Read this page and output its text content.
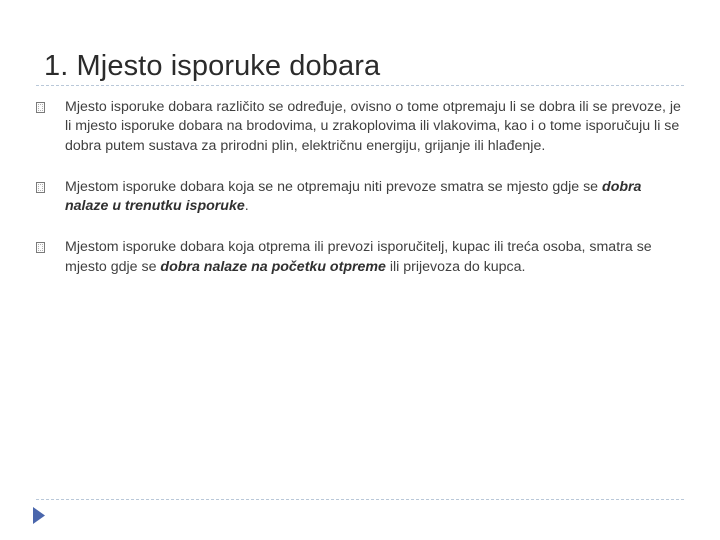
1. Mjesto isporuke dobara
Mjesto isporuke dobara različito se određuje, ovisno o tome otpremaju li se dobra ili se prevoze, je li mjesto isporuke dobara na brodovima, u zrakoplovima ili vlakovima, kao i o tome isporučuju li se dobra putem sustava za prirodni plin, električnu energiju, grijanje ili hlađenje.
Mjestom isporuke dobara koja se ne otpremaju niti prevoze smatra se mjesto gdje se dobra nalaze u trenutku isporuke.
Mjestom isporuke dobara koja otprema ili prevozi isporučitelj, kupac ili treća osoba, smatra se mjesto gdje se dobra nalaze na početku otpreme ili prijevoza do kupca.
